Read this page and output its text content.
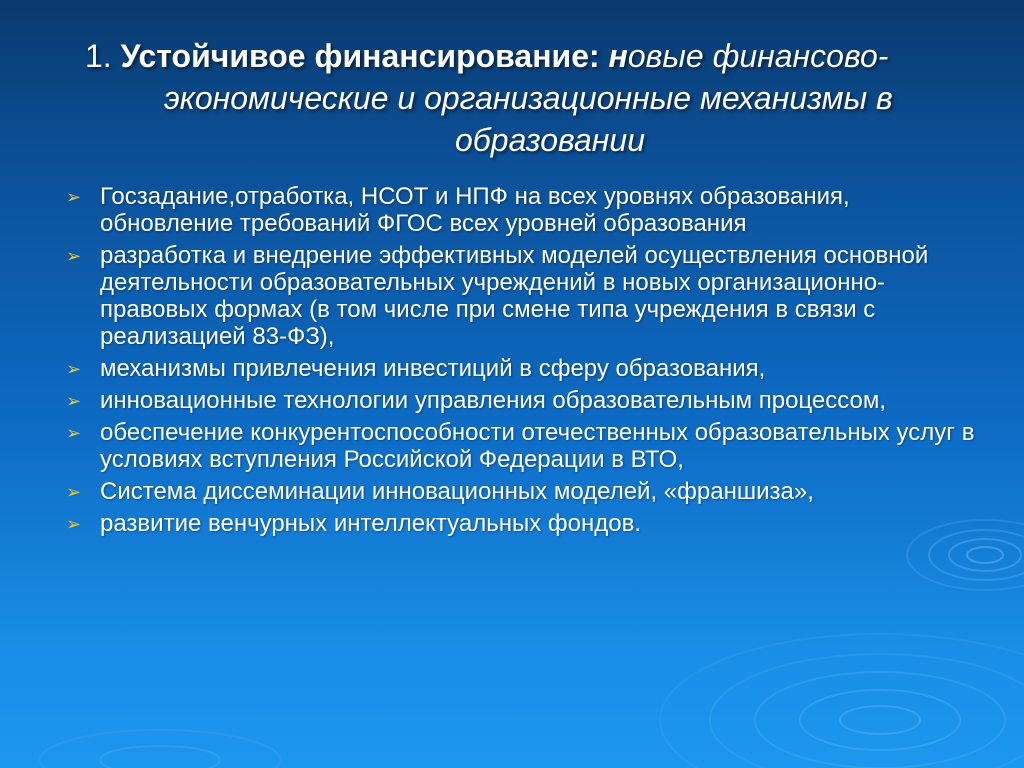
1. Устойчивое финансирование: новые финансово-
экономические и организационные механизмы в
образовании
➢ Госзадание,отработка, НСОТ и НПФ на всех уровнях образования, обновление требований ФГОС всех уровней образования
➢ разработка и внедрение эффективных моделей осуществления основной деятельности образовательных учреждений в новых организационно-правовых формах (в том числе при смене типа учреждения в связи с реализацией 83-ФЗ),
➢ механизмы привлечения инвестиций в сферу образования,
➢ инновационные технологии управления образовательным процессом,
➢ обеспечение конкурентоспособности отечественных образовательных услуг в условиях вступления Российской Федерации в ВТО,
➢ Система диссеминации инновационных моделей, «франшиза»,
➢ развитие венчурных интеллектуальных фондов.
